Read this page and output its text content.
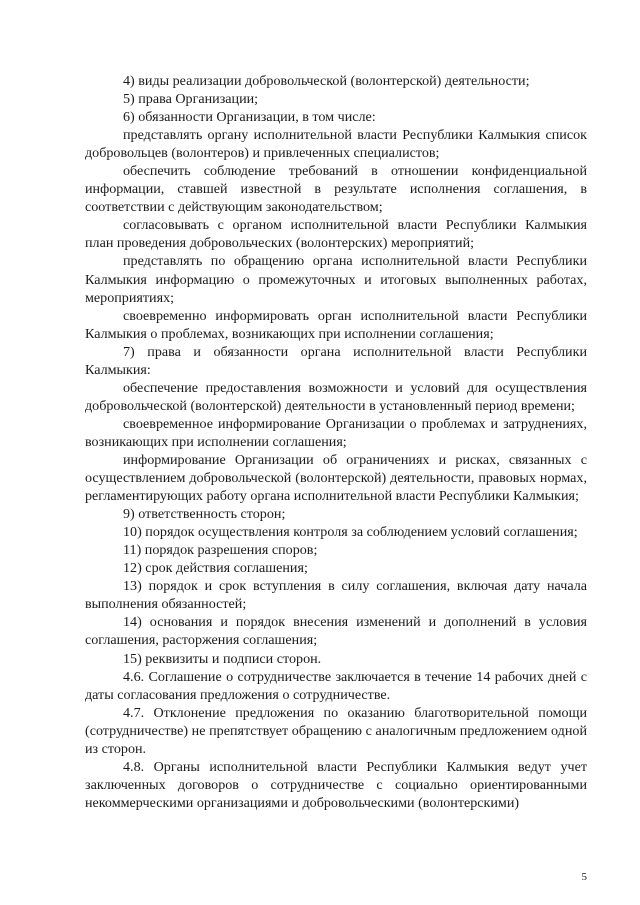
4) виды реализации добровольческой (волонтерской) деятельности;

5) права Организации;

6) обязанности Организации, в том числе:

представлять органу исполнительной власти Республики Калмыкия список добровольцев (волонтеров) и привлеченных специалистов;

обеспечить соблюдение требований в отношении конфиденциальной информации, ставшей известной в результате исполнения соглашения, в соответствии с действующим законодательством;

согласовывать с органом исполнительной власти Республики Калмыкия план проведения добровольческих (волонтерских) мероприятий;

представлять по обращению органа исполнительной власти Республики Калмыкия информацию о промежуточных и итоговых выполненных работах, мероприятиях;

своевременно информировать орган исполнительной власти Республики Калмыкия о проблемах, возникающих при исполнении соглашения;

7) права и обязанности органа исполнительной власти Республики Калмыкия:

обеспечение предоставления возможности и условий для осуществления добровольческой (волонтерской) деятельности в установленный период времени;

своевременное информирование Организации о проблемах и затруднениях, возникающих при исполнении соглашения;

информирование Организации об ограничениях и рисках, связанных с осуществлением добровольческой (волонтерской) деятельности, правовых нормах, регламентирующих работу органа исполнительной власти Республики Калмыкия;

9) ответственность сторон;

10) порядок осуществления контроля за соблюдением условий соглашения;

11) порядок разрешения споров;

12) срок действия соглашения;

13) порядок и срок вступления в силу соглашения, включая дату начала выполнения обязанностей;

14) основания и порядок внесения изменений и дополнений в условия соглашения, расторжения соглашения;

15) реквизиты и подписи сторон.

4.6. Соглашение о сотрудничестве заключается в течение 14 рабочих дней с даты согласования предложения о сотрудничестве.

4.7. Отклонение предложения по оказанию благотворительной помощи (сотрудничестве) не препятствует обращению с аналогичным предложением одной из сторон.

4.8. Органы исполнительной власти Республики Калмыкия ведут учет заключенных договоров о сотрудничестве с социально ориентированными некоммерческими организациями и добровольческими (волонтерскими)

5
